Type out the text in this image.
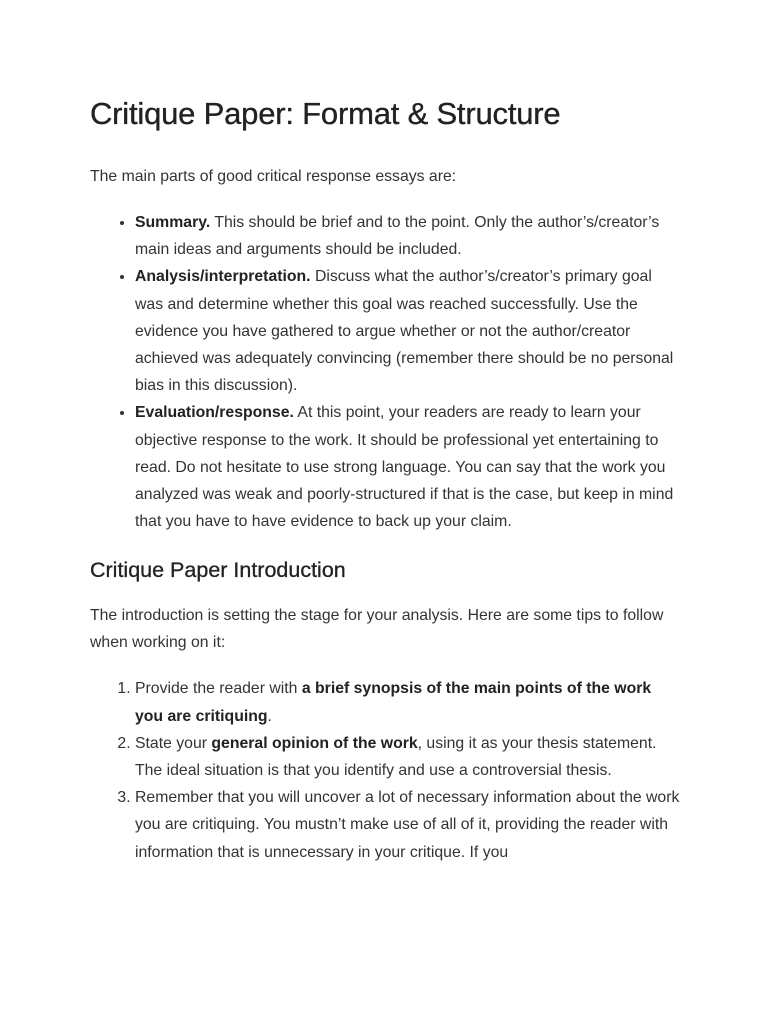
Critique Paper: Format & Structure

The main parts of good critical response essays are:

• Summary. This should be brief and to the point. Only the author’s/creator’s main ideas and arguments should be included.
• Analysis/interpretation. Discuss what the author’s/creator’s primary goal was and determine whether this goal was reached successfully. Use the evidence you have gathered to argue whether or not the author/creator achieved was adequately convincing (remember there should be no personal bias in this discussion).
• Evaluation/response. At this point, your readers are ready to learn your objective response to the work. It should be professional yet entertaining to read. Do not hesitate to use strong language. You can say that the work you analyzed was weak and poorly-structured if that is the case, but keep in mind that you have to have evidence to back up your claim.
Critique Paper Introduction

The introduction is setting the stage for your analysis. Here are some tips to follow when working on it:

1. Provide the reader with a brief synopsis of the main points of the work you are critiquing.
2. State your general opinion of the work, using it as your thesis statement. The ideal situation is that you identify and use a controversial thesis.
3. Remember that you will uncover a lot of necessary information about the work you are critiquing. You mustn’t make use of all of it, providing the reader with information that is unnecessary in your critique. If you
